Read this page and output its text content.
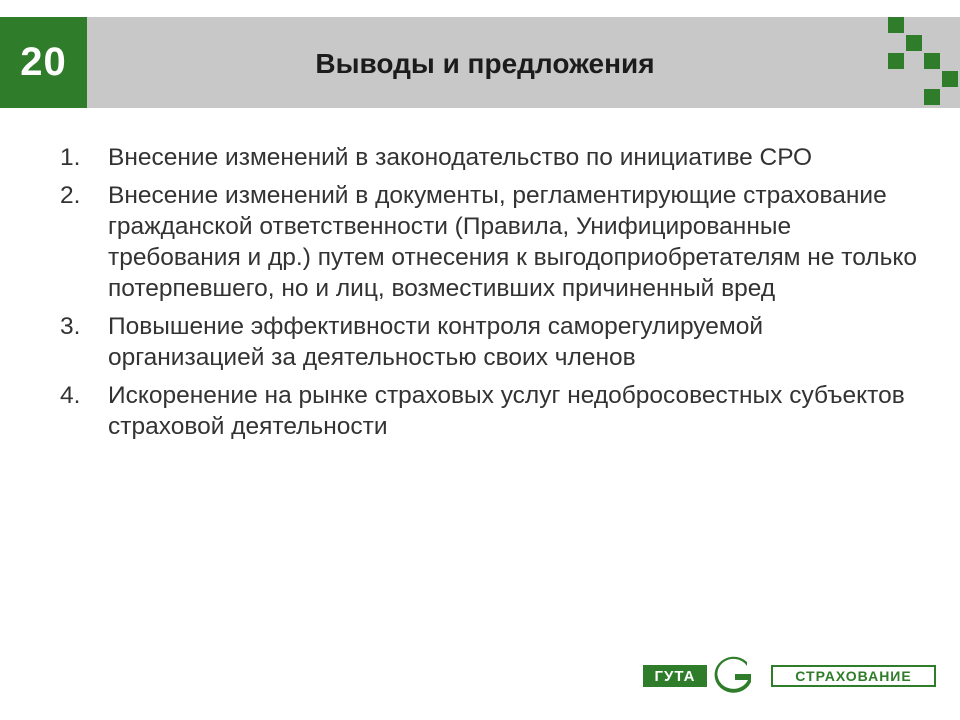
20	Выводы и предложения
1.	Внесение изменений в законодательство по инициативе СРО
2.	Внесение изменений в документы, регламентирующие страхование гражданской ответственности (Правила, Унифицированные требования и др.) путем отнесения к выгодоприобретателям не только потерпевшего, но и лиц, возместивших причиненный вред
3.	Повышение эффективности контроля саморегулируемой организацией за деятельностью своих членов
4.	Искоренение на рынке страховых услуг недобросовестных субъектов страховой деятельности
ГУТА	СТРАХОВАНИЕ
